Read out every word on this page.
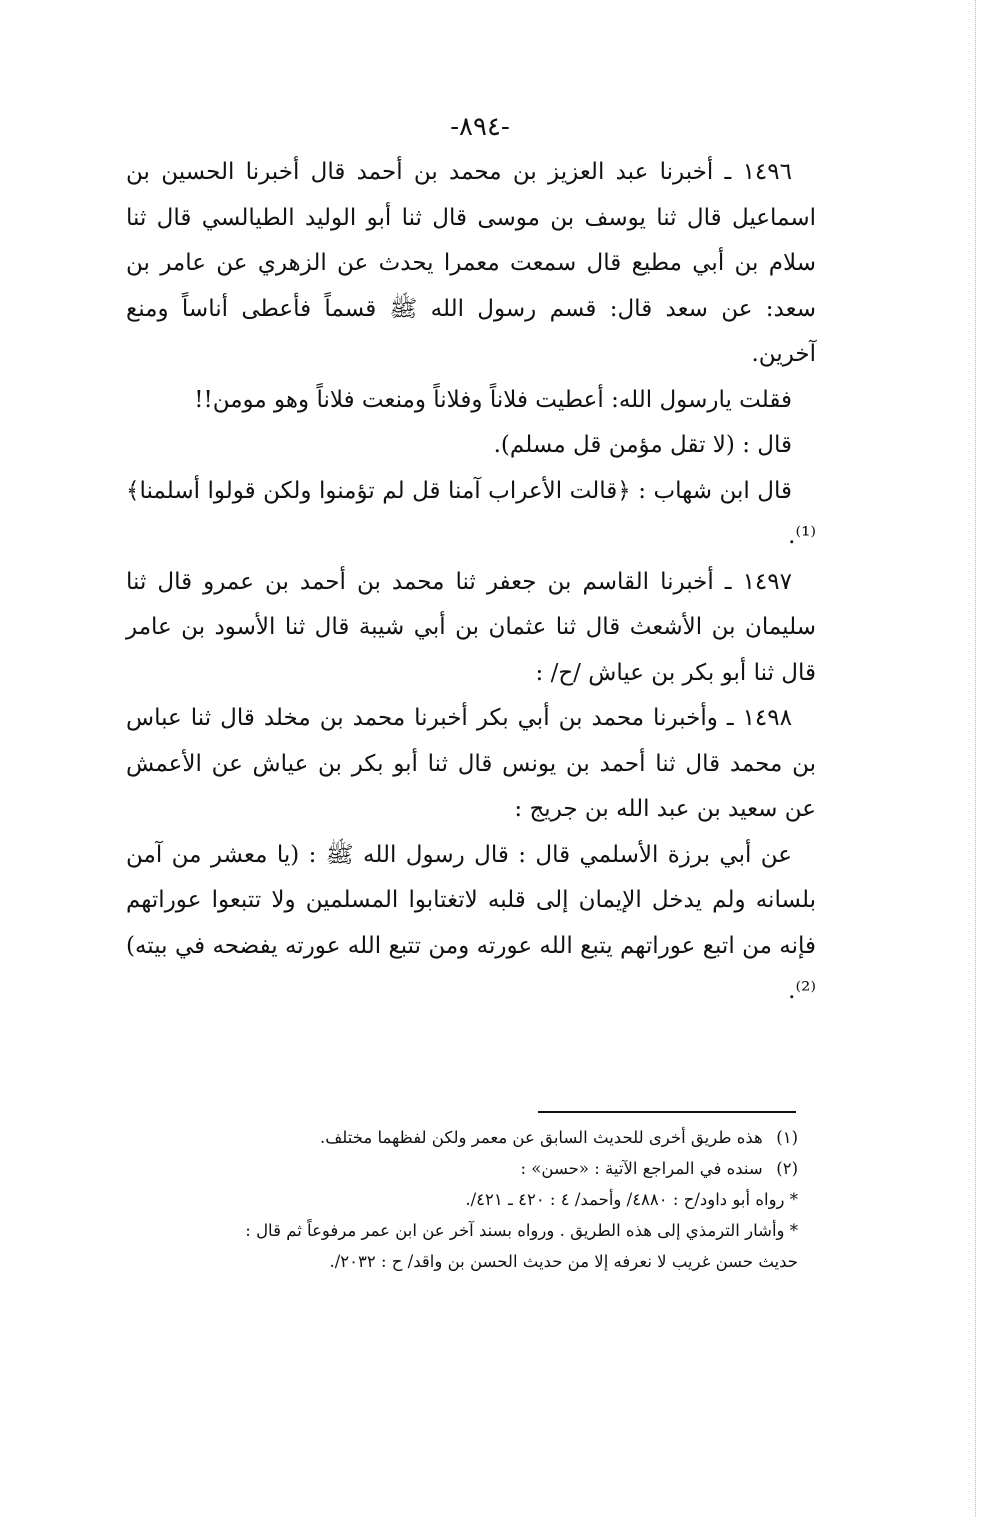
-٨٩٤-

١٤٩٦ ـ أخبرنا عبد العزيز بن محمد بن أحمد قال أخبرنا الحسين بن اسماعيل قال ثنا يوسف بن موسى قال ثنا أبو الوليد الطيالسي قال ثنا سلام بن أبي مطيع قال سمعت معمرا يحدث عن الزهري عن عامر بن سعد: عن سعد قال: قسم رسول الله ﷺ قسماً فأعطى أناساً ومنع آخرين.

فقلت يارسول الله: أعطيت فلاناً وفلاناً ومنعت فلاناً وهو مومن!!

قال : (لا تقل مؤمن قل مسلم).

قال ابن شهاب : ﴿قالت الأعراب آمنا قل لم تؤمنوا ولكن قولوا أسلمنا﴾⁽¹⁾.

١٤٩٧ ـ أخبرنا القاسم بن جعفر ثنا محمد بن أحمد بن عمرو قال ثنا سليمان بن الأشعث قال ثنا عثمان بن أبي شيبة قال ثنا الأسود بن عامر قال ثنا أبو بكر بن عياش /ح/ :

١٤٩٨ ـ وأخبرنا محمد بن أبي بكر أخبرنا محمد بن مخلد قال ثنا عباس بن محمد قال ثنا أحمد بن يونس قال ثنا أبو بكر بن عياش عن الأعمش عن سعيد بن عبد الله بن جريج :

عن أبي برزة الأسلمي قال : قال رسول الله ﷺ : (يا معشر من آمن بلسانه ولم يدخل الإيمان إلى قلبه لاتغتابوا المسلمين ولا تتبعوا عوراتهم فإنه من اتبع عوراتهم يتبع الله عورته ومن تتبع الله عورته يفضحه في بيته)⁽²⁾.

(١) هذه طريق أخرى للحديث السابق عن معمر ولكن لفظهما مختلف.

(٢) سنده في المراجع الآتية : «حسن» :

* رواه أبو داود/ح : ٤٨٨٠/ وأحمد/ ٤ : ٤٢٠ ـ ٤٢١/.

* وأشار الترمذي إلى هذه الطريق . ورواه بسند آخر عن ابن عمر مرفوعاً ثم قال :

حديث حسن غريب لا نعرفه إلا من حديث الحسن بن واقد/ ح : ٢٠٣٢/.
